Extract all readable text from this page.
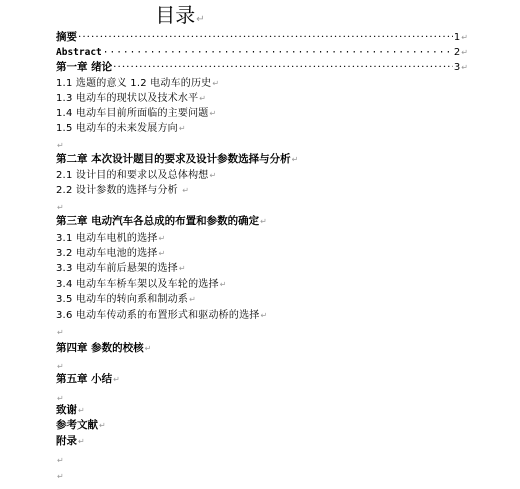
目录↵
摘要 ·····	1 ↵
Abstract ·····	2 ↵
第一章 绪论 ·····	3 ↵
1.1 选题的意义 1.2 电动车的历史↵
1.3 电动车的现状以及技术水平↵
1.4 电动车目前所面临的主要问题↵
1.5 电动车的未来发展方向↵
↵
第二章 本次设计题目的要求及设计参数选择与分析↵
2.1 设计目的和要求以及总体构想↵
2.2 设计参数的选择与分析 ↵
↵
第三章 电动汽车各总成的布置和参数的确定↵
3.1 电动车电机的选择↵
3.2 电动车电池的选择↵
3.3 电动车前后悬架的选择↵
3.4 电动车车桥车架以及车轮的选择↵
3.5 电动车的转向系和制动系↵
3.6 电动车传动系的布置形式和驱动桥的选择↵
↵
第四章 参数的校核↵
↵
第五章 小结↵
↵
致谢↵
参考文献↵
附录↵
↵
↵
